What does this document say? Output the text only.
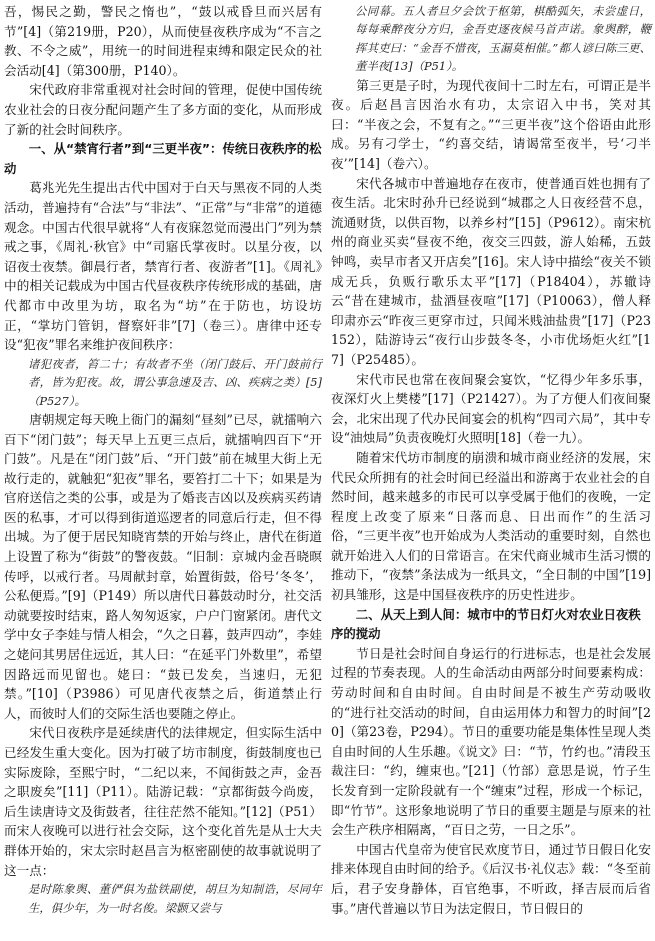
吾，惕民之勤，警民之惰也”，“鼓以戒昏旦而兴居有节”[4]（第219册，P20），从而使昼夜秩序成为“不言之教、不令之威”，用统一的时间进程束缚和限定民众的社会活动[4]（第300册，P140）。

宋代政府非常重视对社会时间的管理，促使中国传统农业社会的日夜分配问题产生了多方面的变化，从而形成了新的社会时间秩序。

一、从“禁宵行者”到“三更半夜”：传统日夜秩序的松动

葛兆光先生提出古代中国对于白天与黑夜不同的人类活动，普遍持有“合法”与“非法”、“正常”与“非常”的道德观念。中国古代很早就将“人有夜寐忽觉而漫出门”列为禁戒之事，《周礼·秋官》中“司寤氏掌夜时。以星分夜，以诏夜士夜禁。御晨行者，禁宵行者、夜游者”[1]。《周礼》中的相关记载成为中国古代昼夜秩序传统形成的基础，唐代都市中改里为坊，取名为“坊”在于防也，坊设坊正，“掌坊门管钥，督察奸非”[7]（卷三）。唐律中还专设“犯夜”罪名来维护夜间秩序：

诸犯夜者，笞二十；有故者不坐（闭门鼓后、开门鼓前行者，皆为犯夜。故，谓公事急速及吉、凶、疾病之类）[5]（P527）。

唐朝规定每天晚上衙门的漏刻“昼刻”已尽，就擂响六百下“闭门鼓”；每天早上五更三点后，就擂响四百下“开门鼓”。凡是在“闭门鼓”后、“开门鼓”前在城里大街上无故行走的，就触犯“犯夜”罪名，要笞打二十下；如果是为官府送信之类的公事，或是为了婚丧吉凶以及疾病买药请医的私事，才可以得到街道巡逻者的同意后行走，但不得出城。为了便于居民知晓宵禁的开始与终止，唐代在街道上设置了称为“街鼓”的警夜鼓。“旧制：京城内金吾晓暝传呼，以戒行者。马周献封章，始置街鼓，俗号‘冬冬’，公私便焉。”[9]（P149）所以唐代日暮鼓动时分，社交活动就要按时结束，路人匆匆返家，户户门窗紧闭。唐代文学中女子李娃与情人相会，“久之日暮，鼓声四动”，李娃之姥问其男居住远近，其人曰：“在延平门外数里”，希望因路远而见留也。姥曰：“鼓已发矣，当速归，无犯禁。”[10]（P3986）可见唐代夜禁之后，街道禁止行人，而彼时人们的交际生活也要随之停止。

宋代日夜秩序是延续唐代的法律规定，但实际生活中已经发生重大变化。因为打破了坊市制度，街鼓制度也已实际废除，至熙宁时，“二纪以来，不闻街鼓之声，金吾之职废矣”[11]（P11）。陆游记载：“京都街鼓今尚废，后生读唐诗文及街鼓者，往往茫然不能知。”[12]（P51）而宋人夜晚可以进行社会交际，这个变化首先是从士大夫群体开始的，宋太宗时赵昌言为枢密副使的故事就说明了这一点：

是时陈象舆、董俨俱为盐铁副使，胡旦为知制诰，尽同年生，俱少年，为一时名俊。梁颢又尝与

公同幕。五人者旦夕会饮于枢第，棋酷弧矢，未尝虚日，每每乘醉夜分方归，金吾吏逐夜候马首声诺。象舆醉，鞭挥其吏曰：“金吾不惜夜，玉漏莫相催。”都人谚曰陈三更、董半夜[13]（P51）。

第三更是子时，为现代夜间十二时左右，可谓正是半夜。后赵昌言因治水有功，太宗诏入中书，笑对其曰：“半夜之会，不复有之。”“三更半夜”这个俗语由此形成。另有刁学士，“约喜交结，请谒常至夜半，号‘刁半夜’”[14]（卷六）。

宋代各城市中普遍地存在夜市，使普通百姓也拥有了夜生活。北宋时孙升已经说到“城郡之人日夜经营不息，流通财货，以供百物，以养乡村”[15]（P9612）。南宋杭州的商业买卖“昼夜不绝，夜交三四鼓，游人始稀，五鼓钟鸣，卖早市者又开店矣”[16]。宋人诗中描绘“夜关不锁成无兵，负贩行歌乐太平”[17]（P18404），苏辙诗云“昔在建城市，盐酒昼夜喧”[17]（P10063），僧人释印肃亦云“昨夜三更穿市过，只闻米贱油盐贵”[17]（P23152），陆游诗云“夜行山步鼓冬冬，小市优场炬火红”[17]（P25485）。

宋代市民也常在夜间聚会宴饮，“忆得少年多乐事，夜深灯火上樊楼”[17]（P21427）。为了方便人们夜间聚会，北宋出现了代办民间宴会的机构“四司六局”，其中专设“油烛局”负责夜晚灯火照明[18]（卷一九）。

随着宋代坊市制度的崩溃和城市商业经济的发展，宋代民众所拥有的社会时间已经溢出和游离于农业社会的自然时间，越来越多的市民可以享受属于他们的夜晚，一定程度上改变了原来“日落而息、日出而作”的生活习俗，“三更半夜”也开始成为人类活动的重要时刻，自然也就开始进入人们的日常语言。在宋代商业城市生活习惯的推动下，“夜禁”条法成为一纸具文，“全日制的中国”[19]初具雏形，这是中国昼夜秩序的历史性进步。

二、从天上到人间：城市中的节日灯火对农业日夜秩序的搅动

节日是社会时间自身运行的行进标志，也是社会发展过程的节奏表现。人的生命活动由两部分时间要素构成：劳动时间和自由时间。自由时间是不被生产劳动吸收的“进行社交活动的时间，自由运用体力和智力的时间”[20]（第23卷，P294）。节日的重要功能是集体性呈现人类自由时间的人生乐趣。《说文》曰：“节，竹约也。”清段玉裁注曰：“约，缠束也。”[21]（竹部）意思是说，竹子生长发育到一定阶段就有一个“缠束”过程，形成一个标记，即“竹节”。这形象地说明了节日的重要主题是与原来的社会生产秩序相隔离，“百日之劳，一日之乐”。

中国古代皇帝为使官民欢度节日，通过节日假日化安排来体现自由时间的给予。《后汉书·礼仪志》载：“冬至前后，君子安身静体，百官绝事，不听政，择吉辰而后省事。”唐代普遍以节日为法定假日，节日假日的
